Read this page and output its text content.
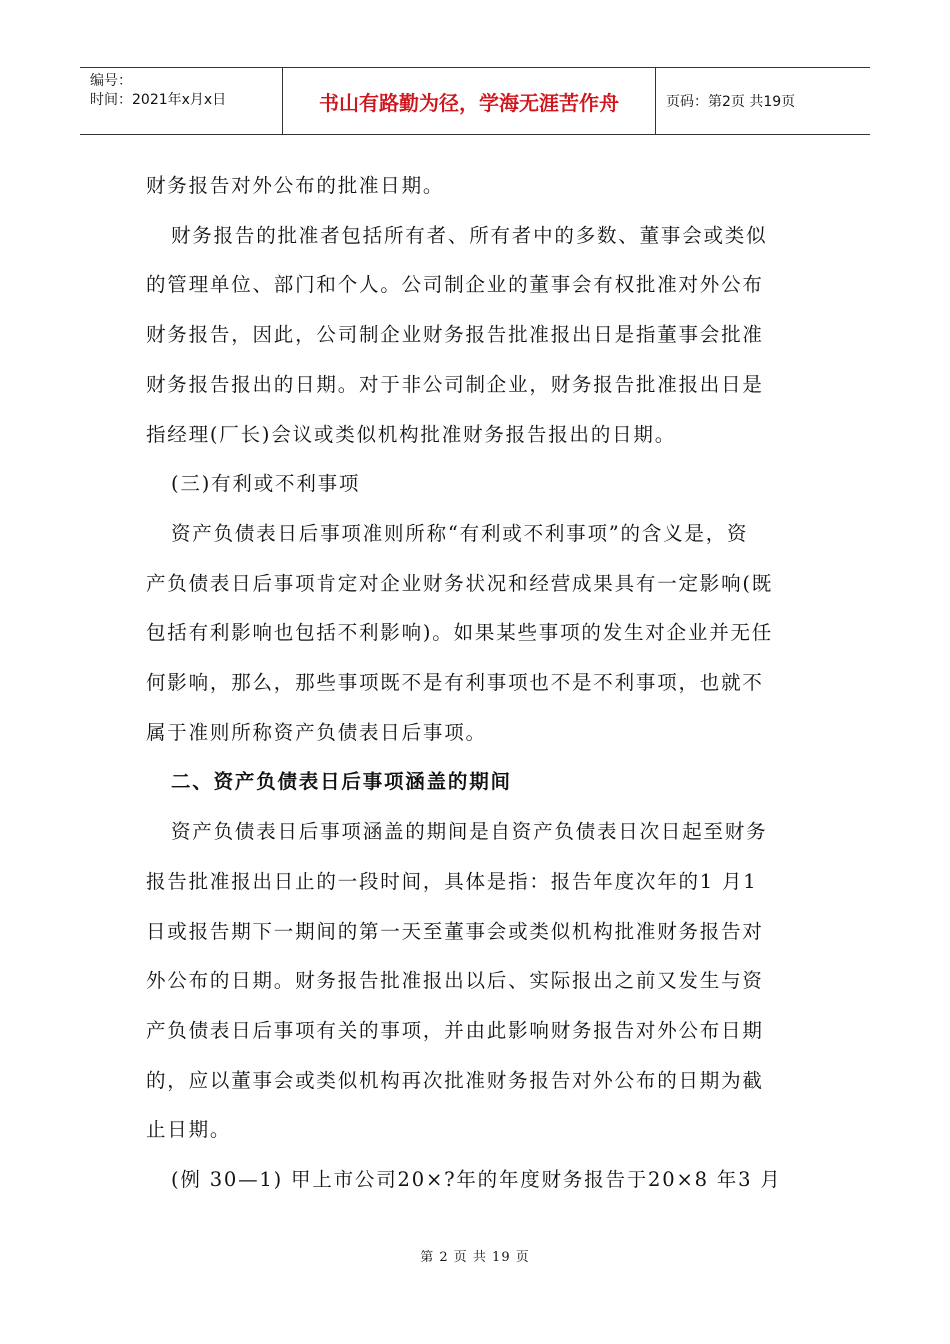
编号：
时间：2021年x月x日	书山有路勤为径，学海无涯苦作舟	页码：第2页 共19页

财务报告对外公布的批准日期。

财务报告的批准者包括所有者、所有者中的多数、董事会或类似

的管理单位、部门和个人。公司制企业的董事会有权批准对外公布

财务报告，因此，公司制企业财务报告批准报出日是指董事会批准

财务报告报出的日期。对于非公司制企业，财务报告批准报出日是

指经理(厂长)会议或类似机构批准财务报告报出的日期。

(三)有利或不利事项

资产负债表日后事项准则所称“有利或不利事项”的含义是，资

产负债表日后事项肯定对企业财务状况和经营成果具有一定影响(既

包括有利影响也包括不利影响)。如果某些事项的发生对企业并无任

何影响，那么，那些事项既不是有利事项也不是不利事项，也就不

属于准则所称资产负债表日后事项。

二、资产负债表日后事项涵盖的期间

资产负债表日后事项涵盖的期间是自资产负债表日次日起至财务

报告批准报出日止的一段时间，具体是指：报告年度次年的1 月1

日或报告期下一期间的第一天至董事会或类似机构批准财务报告对

外公布的日期。财务报告批准报出以后、实际报出之前又发生与资

产负债表日后事项有关的事项，并由此影响财务报告对外公布日期

的，应以董事会或类似机构再次批准财务报告对外公布的日期为截

止日期。

(例 30—1) 甲上市公司20×?年的年度财务报告于20×8 年3 月

第 2 页 共 19 页
